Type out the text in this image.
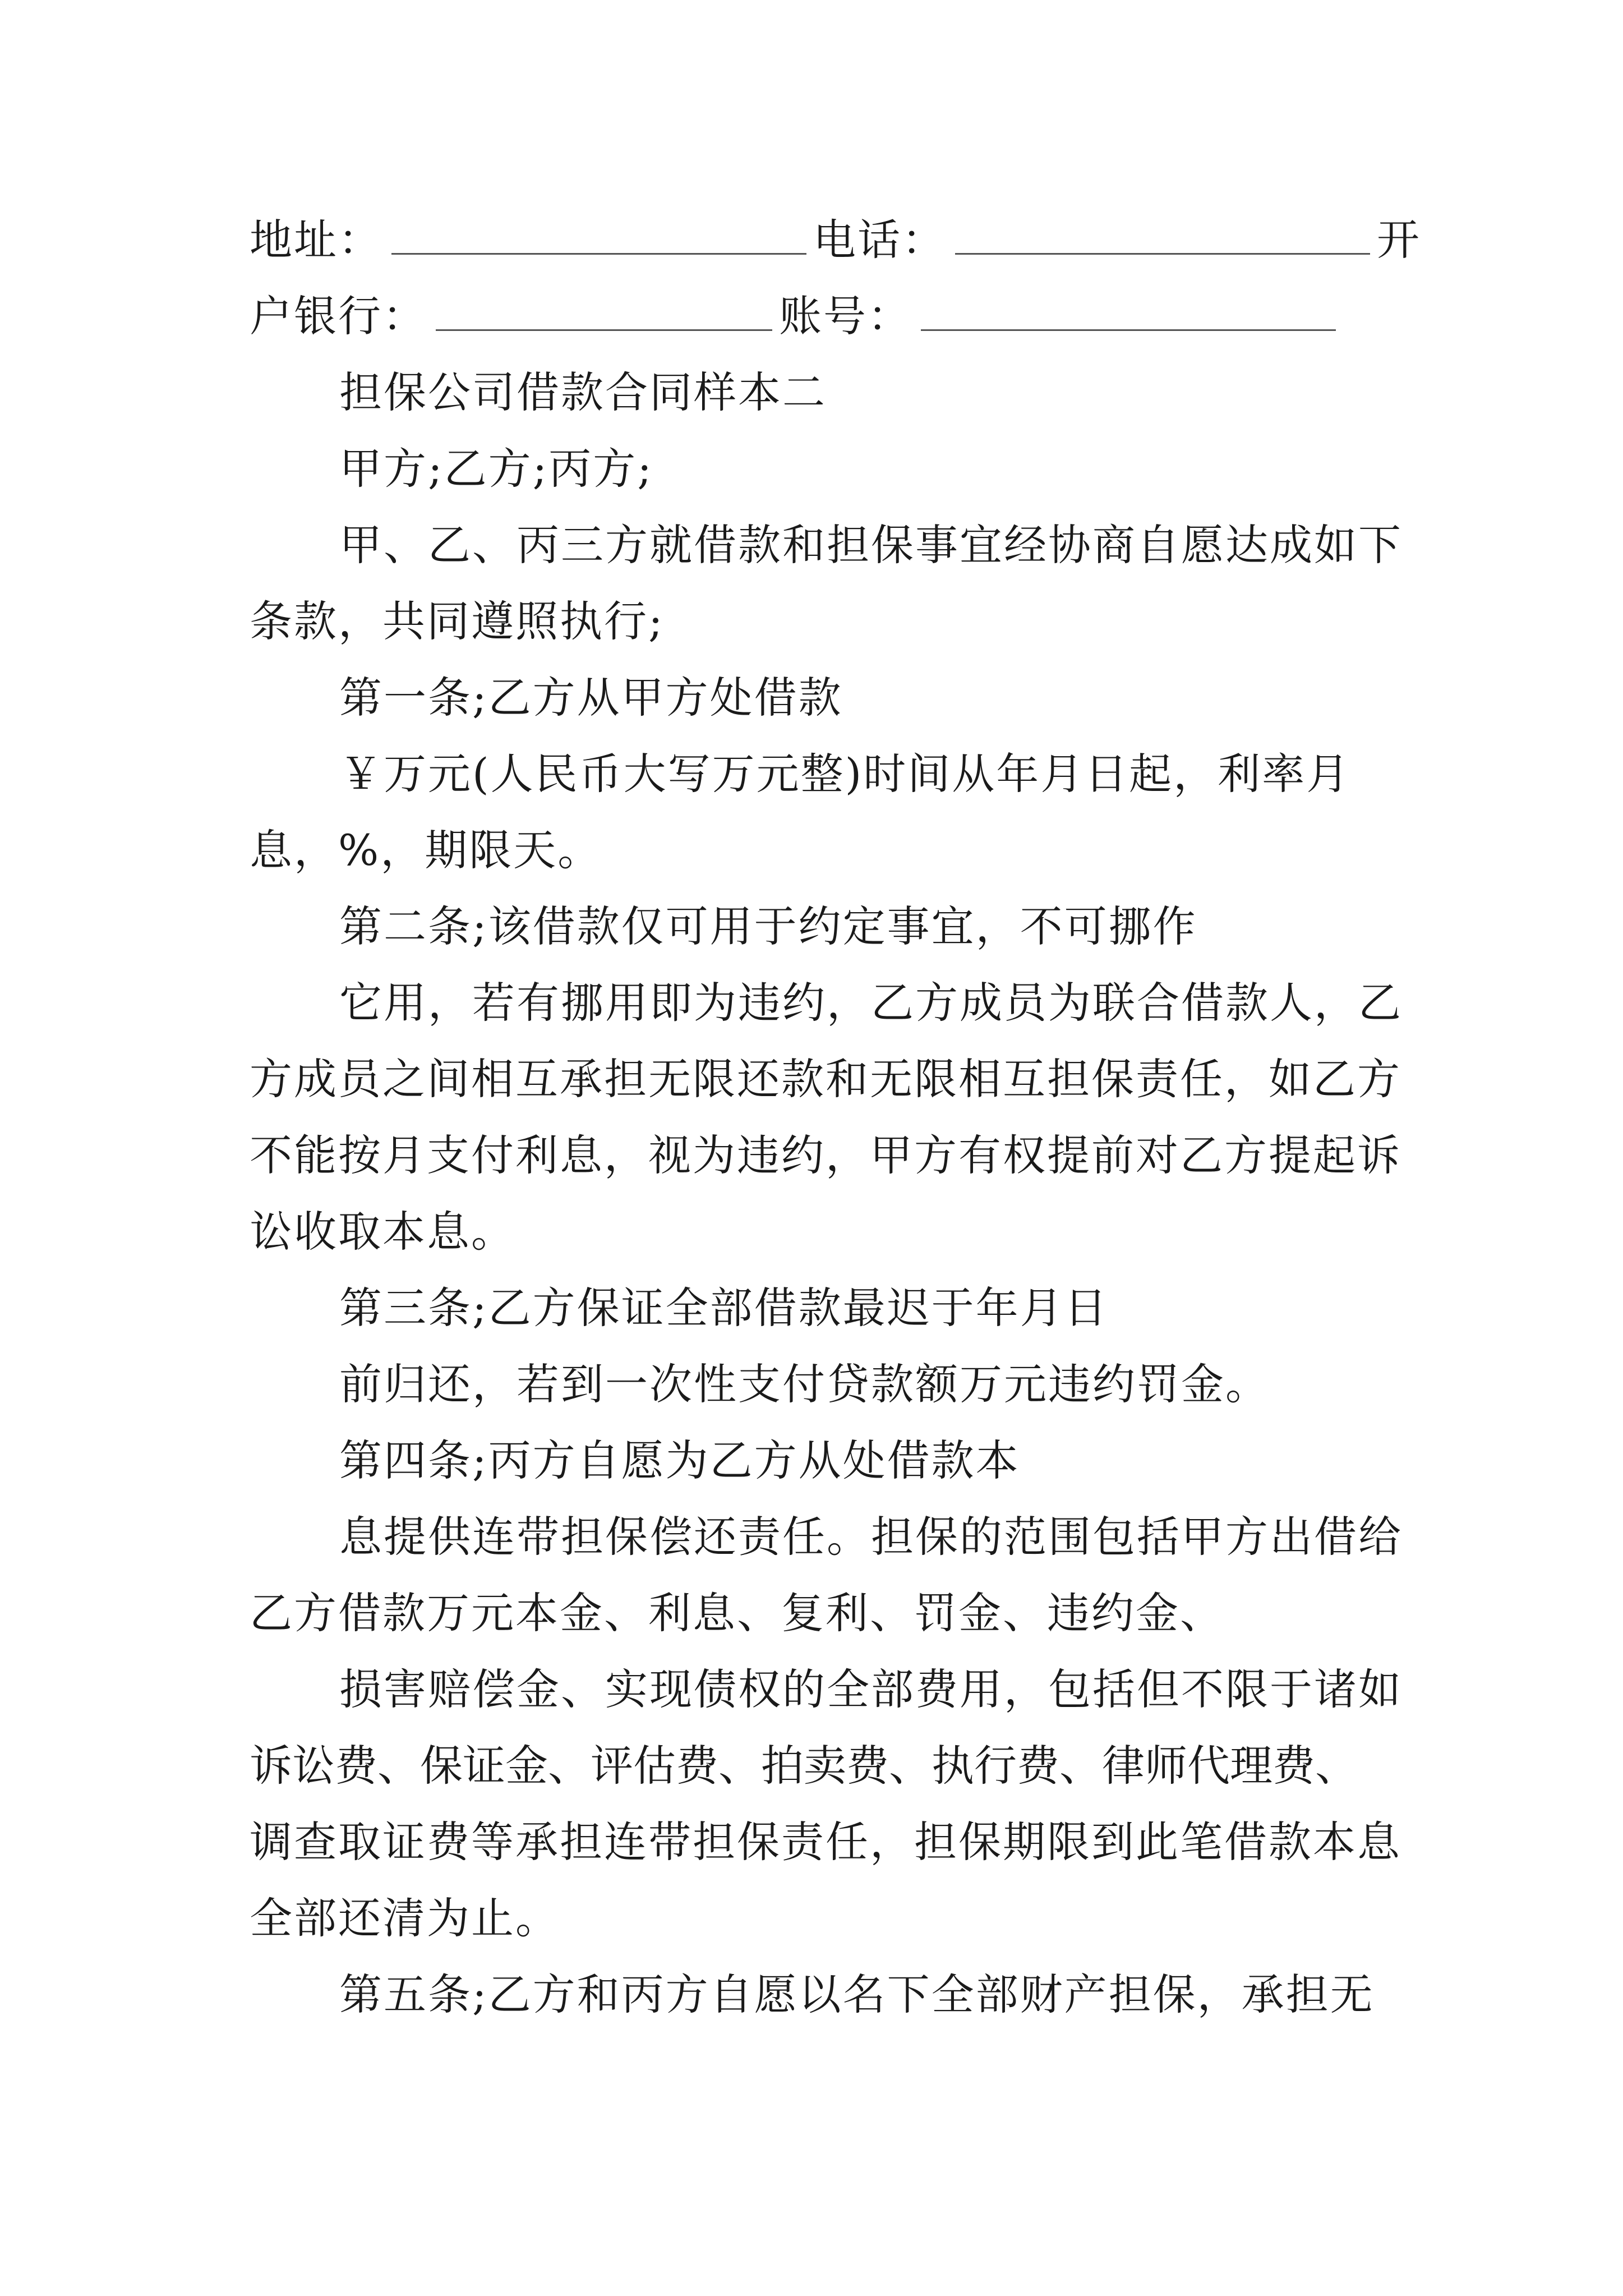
地址：	电话：	开
户银行：	账号：
担保公司借款合同样本二
甲方;乙方;丙方;
甲、乙、丙三方就借款和担保事宜经协商自愿达成如下
条款，共同遵照执行;
第一条;乙方从甲方处借款
￥万元(人民币大写万元整)时间从年月日起，利率月
息，%，期限天。
第二条;该借款仅可用于约定事宜，不可挪作
它用，若有挪用即为违约，乙方成员为联合借款人，乙
方成员之间相互承担无限还款和无限相互担保责任，如乙方
不能按月支付利息，视为违约，甲方有权提前对乙方提起诉
讼收取本息。
第三条;乙方保证全部借款最迟于年月日
前归还，若到一次性支付贷款额万元违约罚金。
第四条;丙方自愿为乙方从处借款本
息提供连带担保偿还责任。担保的范围包括甲方出借给
乙方借款万元本金、利息、复利、罚金、违约金、
损害赔偿金、实现债权的全部费用，包括但不限于诸如
诉讼费、保证金、评估费、拍卖费、执行费、律师代理费、
调查取证费等承担连带担保责任，担保期限到此笔借款本息
全部还清为止。
第五条;乙方和丙方自愿以名下全部财产担保，承担无
